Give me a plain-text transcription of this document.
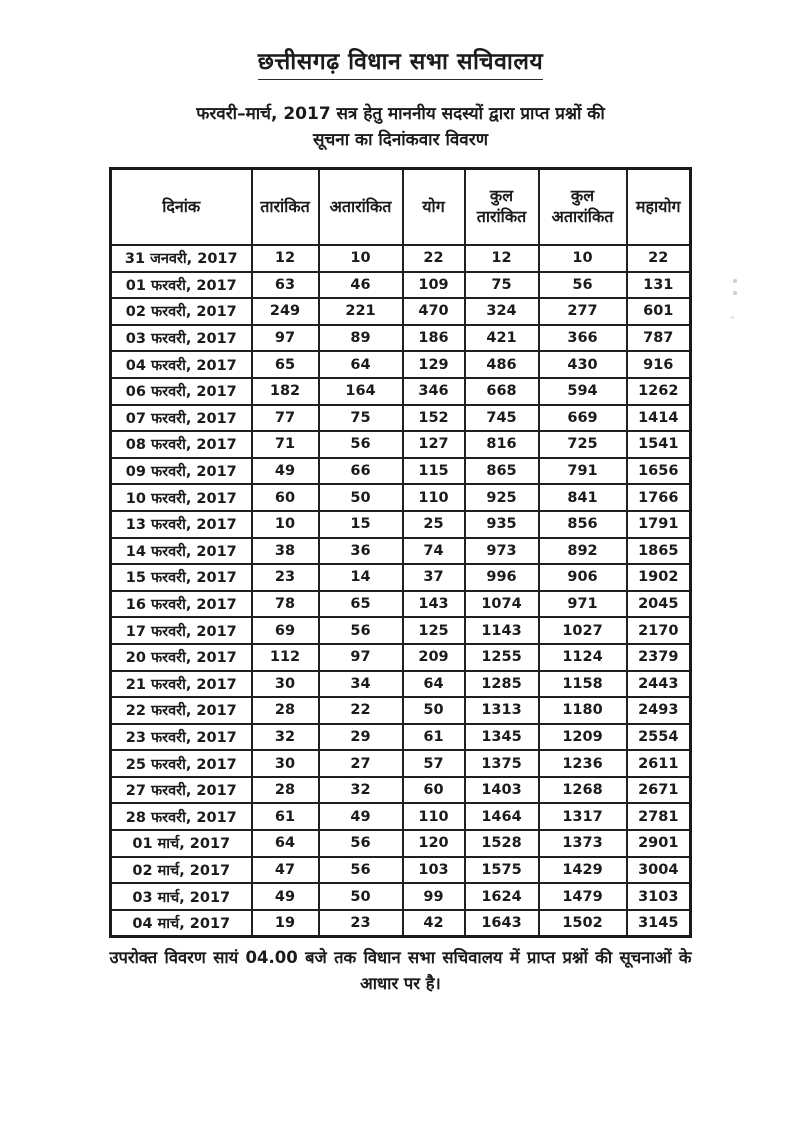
छत्तीसगढ़ विधान सभा सचिवालय

फरवरी–मार्च, 2017 सत्र हेतु माननीय सदस्यों द्वारा प्राप्त प्रश्नों की
सूचना का दिनांकवार विवरण

दिनांक	तारांकित	अतारांकित	योग	कुल तारांकित	कुल अतारांकित	महायोग
31 जनवरी, 2017	12	10	22	12	10	22
01 फरवरी, 2017	63	46	109	75	56	131
02 फरवरी, 2017	249	221	470	324	277	601
03 फरवरी, 2017	97	89	186	421	366	787
04 फरवरी, 2017	65	64	129	486	430	916
06 फरवरी, 2017	182	164	346	668	594	1262
07 फरवरी, 2017	77	75	152	745	669	1414
08 फरवरी, 2017	71	56	127	816	725	1541
09 फरवरी, 2017	49	66	115	865	791	1656
10 फरवरी, 2017	60	50	110	925	841	1766
13 फरवरी, 2017	10	15	25	935	856	1791
14 फरवरी, 2017	38	36	74	973	892	1865
15 फरवरी, 2017	23	14	37	996	906	1902
16 फरवरी, 2017	78	65	143	1074	971	2045
17 फरवरी, 2017	69	56	125	1143	1027	2170
20 फरवरी, 2017	112	97	209	1255	1124	2379
21 फरवरी, 2017	30	34	64	1285	1158	2443
22 फरवरी, 2017	28	22	50	1313	1180	2493
23 फरवरी, 2017	32	29	61	1345	1209	2554
25 फरवरी, 2017	30	27	57	1375	1236	2611
27 फरवरी, 2017	28	32	60	1403	1268	2671
28 फरवरी, 2017	61	49	110	1464	1317	2781
01 मार्च, 2017	64	56	120	1528	1373	2901
02 मार्च, 2017	47	56	103	1575	1429	3004
03 मार्च, 2017	49	50	99	1624	1479	3103
04 मार्च, 2017	19	23	42	1643	1502	3145

उपरोक्त विवरण सायं 04.00 बजे तक विधान सभा सचिवालय में प्राप्त प्रश्नों की सूचनाओं के आधार पर है।
